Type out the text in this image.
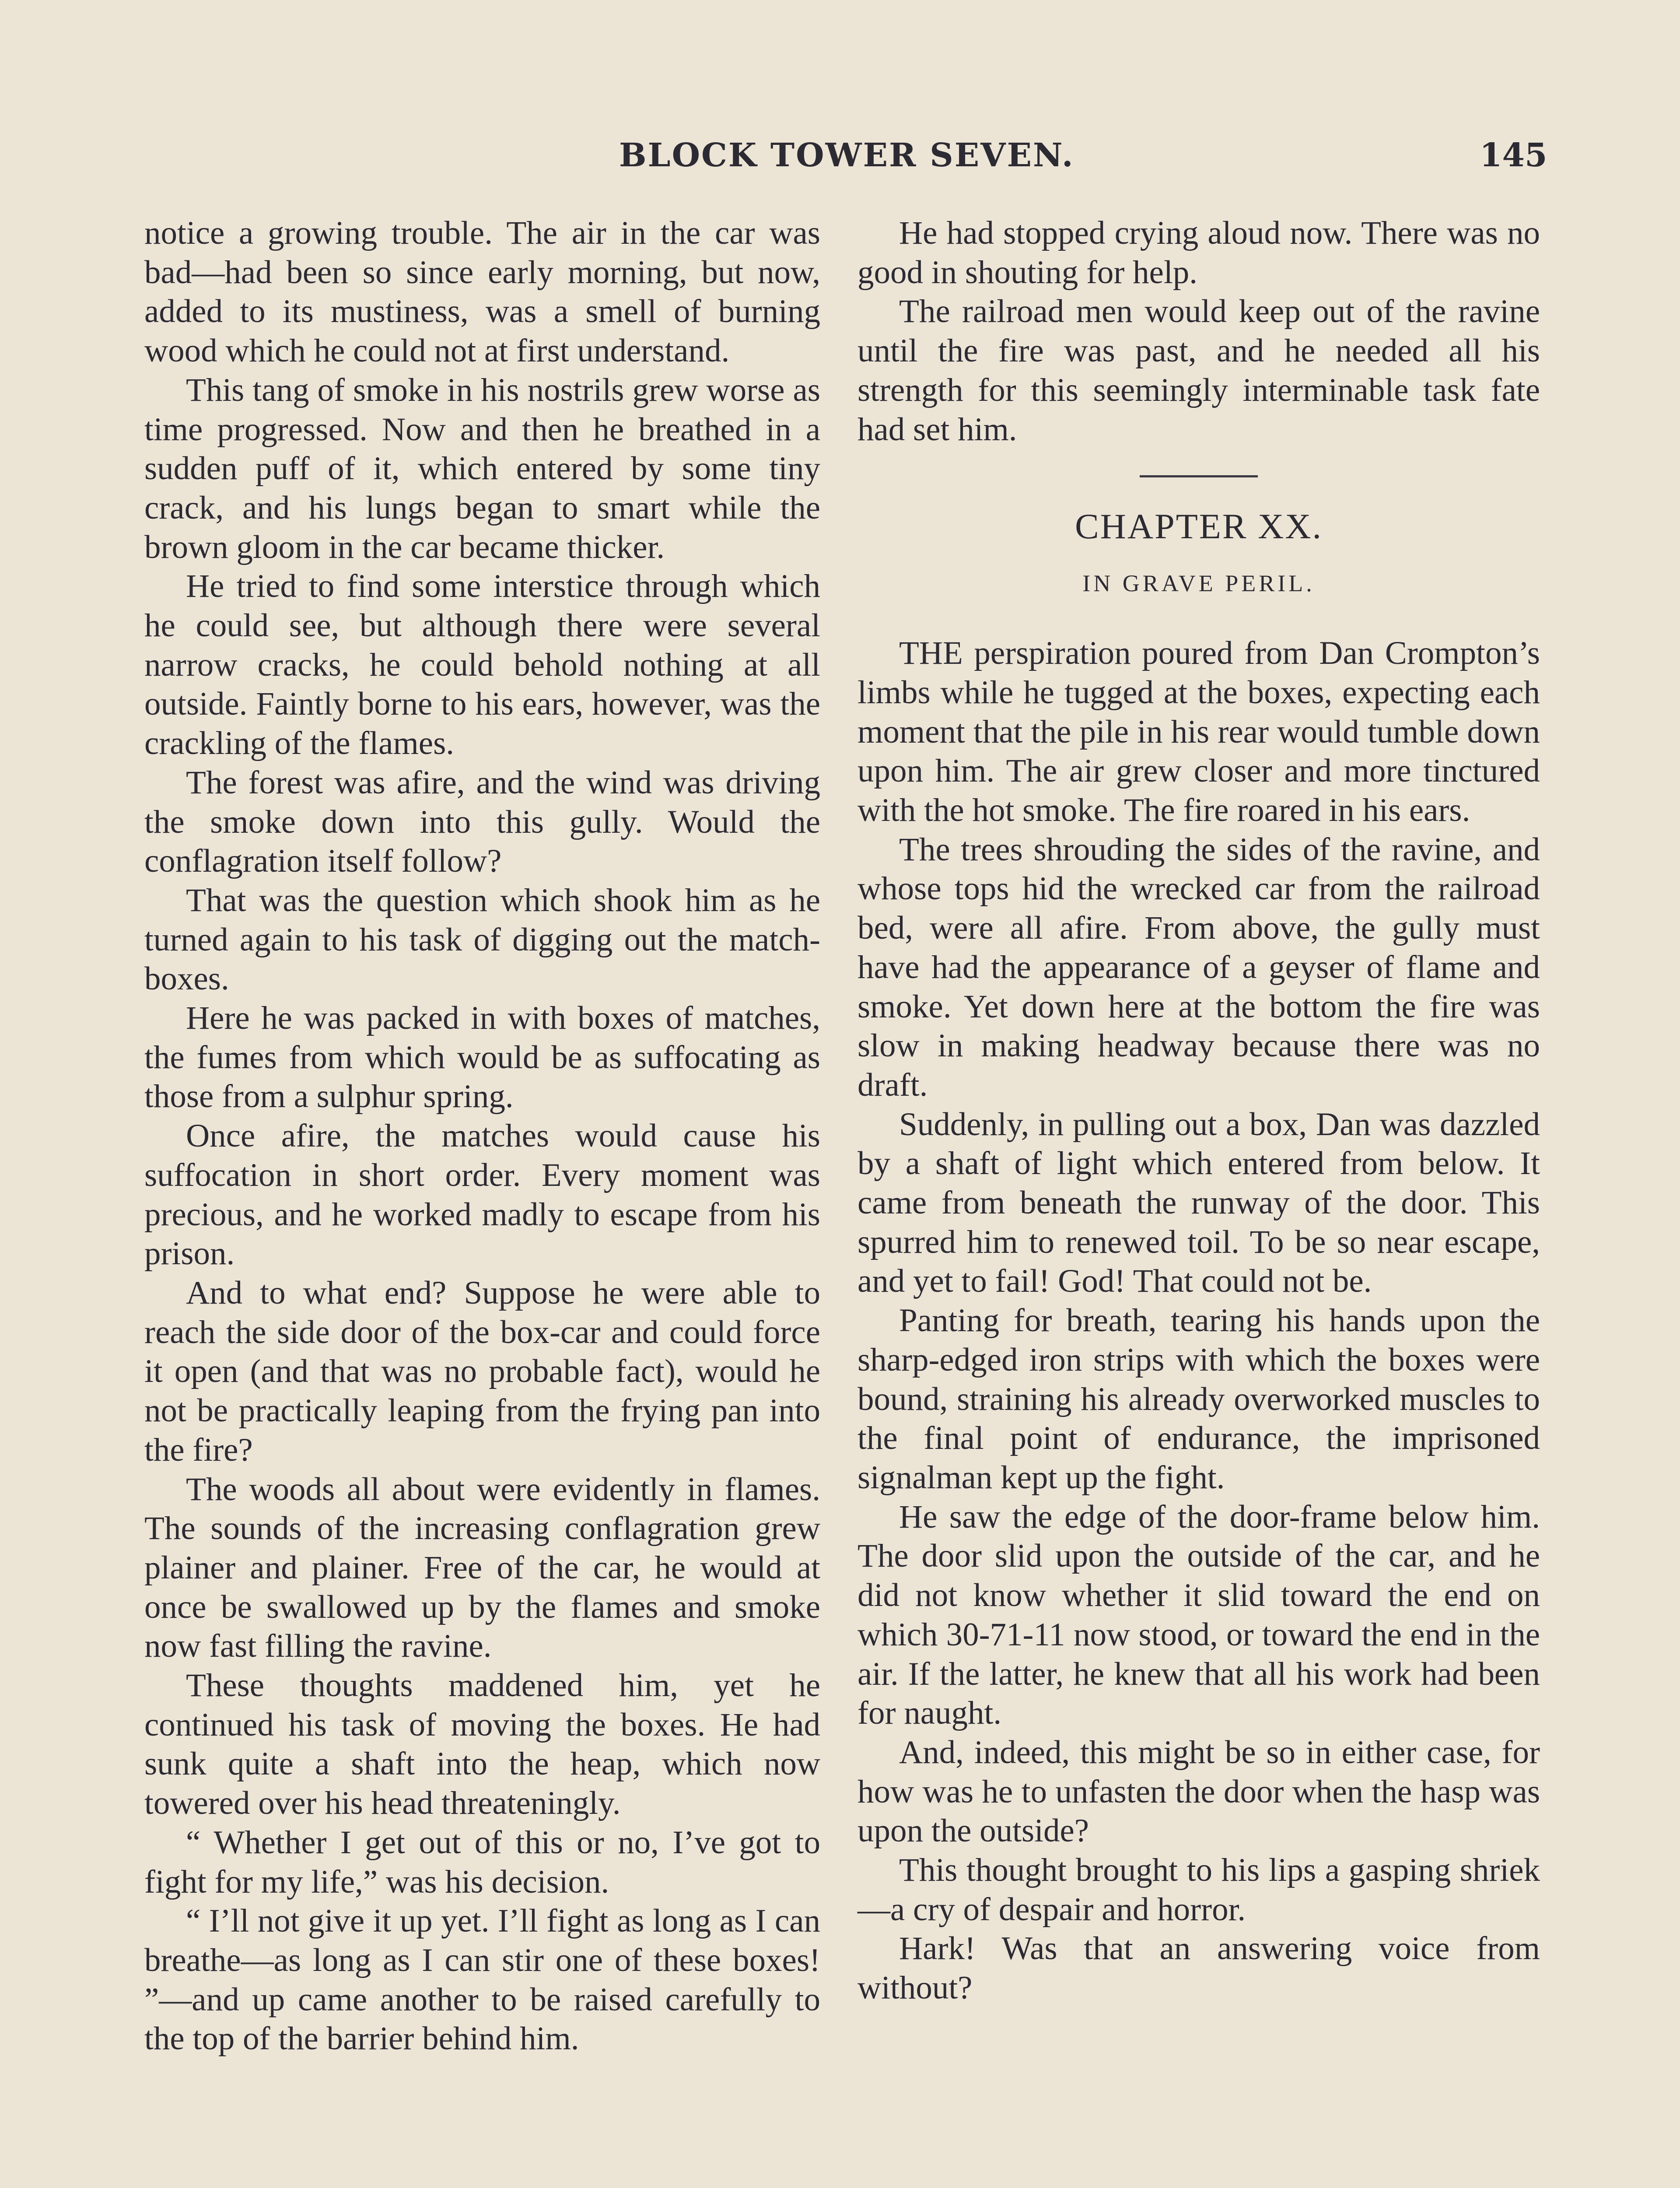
BLOCK TOWER SEVEN.	145

notice a growing trouble. The air in the car was bad—had been so since early morning, but now, added to its mustiness, was a smell of burning wood which he could not at first understand.

This tang of smoke in his nostrils grew worse as time progressed. Now and then he breathed in a sudden puff of it, which entered by some tiny crack, and his lungs began to smart while the brown gloom in the car became thicker.

He tried to find some interstice through which he could see, but although there were several narrow cracks, he could behold nothing at all outside. Faintly borne to his ears, however, was the crackling of the flames.

The forest was afire, and the wind was driving the smoke down into this gully. Would the conflagration itself follow?

That was the question which shook him as he turned again to his task of digging out the match-boxes.

Here he was packed in with boxes of matches, the fumes from which would be as suffocating as those from a sulphur spring.

Once afire, the matches would cause his suffocation in short order. Every moment was precious, and he worked madly to escape from his prison.

And to what end? Suppose he were able to reach the side door of the box-car and could force it open (and that was no probable fact), would he not be practically leaping from the frying pan into the fire?

The woods all about were evidently in flames. The sounds of the increasing conflagration grew plainer and plainer. Free of the car, he would at once be swallowed up by the flames and smoke now fast filling the ravine.

These thoughts maddened him, yet he continued his task of moving the boxes. He had sunk quite a shaft into the heap, which now towered over his head threateningly.

“ Whether I get out of this or no, I’ve got to fight for my life,” was his decision.

“ I’ll not give it up yet. I’ll fight as long as I can breathe—as long as I can stir one of these boxes! ”—and up came another to be raised carefully to the top of the barrier behind him.

He had stopped crying aloud now. There was no good in shouting for help.

The railroad men would keep out of the ravine until the fire was past, and he needed all his strength for this seemingly interminable task fate had set him.

CHAPTER XX.
IN GRAVE PERIL.

THE perspiration poured from Dan Crompton’s limbs while he tugged at the boxes, expecting each moment that the pile in his rear would tumble down upon him. The air grew closer and more tinctured with the hot smoke. The fire roared in his ears.

The trees shrouding the sides of the ravine, and whose tops hid the wrecked car from the railroad bed, were all afire. From above, the gully must have had the appearance of a geyser of flame and smoke. Yet down here at the bottom the fire was slow in making headway because there was no draft.

Suddenly, in pulling out a box, Dan was dazzled by a shaft of light which entered from below. It came from beneath the runway of the door. This spurred him to renewed toil. To be so near escape, and yet to fail! God! That could not be.

Panting for breath, tearing his hands upon the sharp-edged iron strips with which the boxes were bound, straining his already overworked muscles to the final point of endurance, the imprisoned signalman kept up the fight.

He saw the edge of the door-frame below him. The door slid upon the outside of the car, and he did not know whether it slid toward the end on which 30-71-11 now stood, or toward the end in the air. If the latter, he knew that all his work had been for naught.

And, indeed, this might be so in either case, for how was he to unfasten the door when the hasp was upon the outside?

This thought brought to his lips a gasping shriek—a cry of despair and horror.

Hark! Was that an answering voice from without?
